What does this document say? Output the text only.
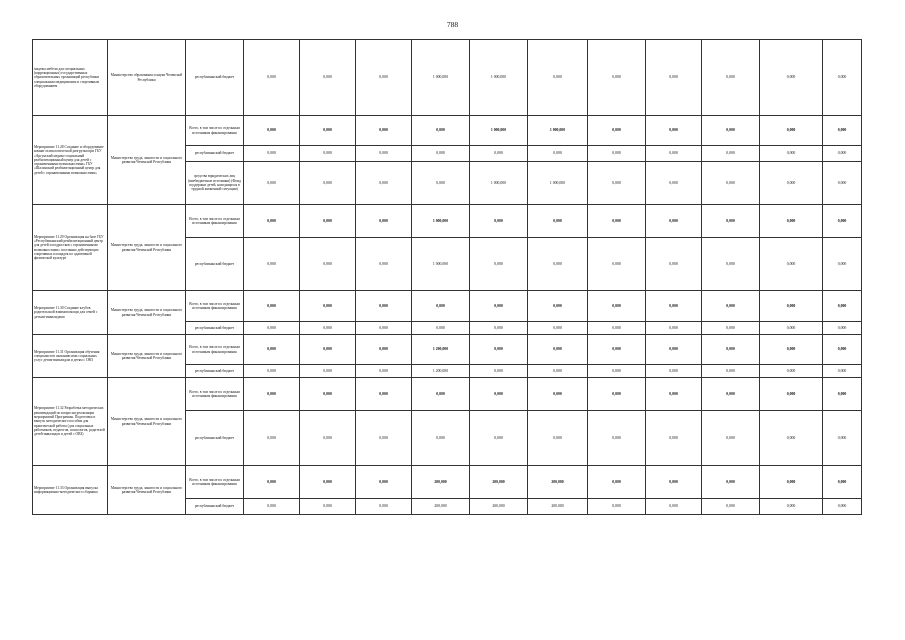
788
закупка мебели для специальных (коррекционных) государственных образовательных организаций республики специальным медицинским и спортивным оборудованием	Министерство образования и науки Чеченской Республики	республиканский бюджет	0,000	0,000	0,000	1 000,000	1 000,000	0,000	0,000	0,000	0,000	0,000	0,000
Мероприятие 11.28 Создание и оборудование комнат психологической разгрузки при ГБУ «Аргунский медико-социальный реабилитационный центр для детей с ограниченными возможностями» ГБУ «Шалинский реабилитационный центр для детей с ограниченными возможностями»	Министерство труда, занятости и социального развития Чеченской Республики	Всего, в том числе по отдельным источникам финансирования	0,000	0,000	0,000	0,000	1 000,000	1 000,000	0,000	0,000	0,000	0,000	0,000
		республиканский бюджет	0,000	0,000	0,000	0,000	0,000	0,000	0,000	0,000	0,000	0,000	0,000
		средства юридических лиц (внебюджетные источники) (Фонд поддержки детей, находящихся в трудной жизненной ситуации)	0,000	0,000	0,000	0,000	1 000,000	1 000,000	0,000	0,000	0,000	0,000	0,000
Мероприятие 11.29 Организация на базе ГБУ «Республиканский реабилитационный центр для детей и подростков с ограниченными возможностями» постоянно действующих спортивных площадок по адаптивной физической культуре	Министерство труда, занятости и социального развития Чеченской Республики	Всего, в том числе по отдельным источникам финансирования	0,000	0,000	0,000	1 000,000	0,000	0,000	0,000	0,000	0,000	0,000	0,000
		республиканский бюджет	0,000	0,000	0,000	1 000,000	0,000	0,000	0,000	0,000	0,000	0,000	0,000
Мероприятие 11.30 Создание клубов родительской взаимопомощи для семей с детьми-инвалидами	Министерство труда, занятости и социального развития Чеченской Республики	Всего, в том числе по отдельным источникам финансирования	0,000	0,000	0,000	0,000	0,000	0,000	0,000	0,000	0,000	0,000	0,000
		республиканский бюджет	0,000	0,000	0,000	0,000	0,000	0,000	0,000	0,000	0,000	0,000	0,000
Мероприятие 11.31 Организация обучения специалистов оказанию ими социальных услуг детям-инвалидам и детям с ОВЗ	Министерство труда, занятости и социального развития Чеченской Республики	Всего, в том числе по отдельным источникам финансирования	0,000	0,000	0,000	1 200,000	0,000	0,000	0,000	0,000	0,000	0,000	0,000
		республиканский бюджет	0,000	0,000	0,000	1 200,000	0,000	0,000	0,000	0,000	0,000	0,000	0,000
Мероприятие 11.32 Разработка методических рекомендаций по вопросам реализации мероприятий Программы. Подготовка и выпуск методического пособия для практической работы (для социальных работников, педагогов, психологов, родителей детей-инвалидов и детей с ОВЗ)	Министерство труда, занятости и социального развития Чеченской Республики	Всего, в том числе по отдельным источникам финансирования	0,000	0,000	0,000	0,000	0,000	0,000	0,000	0,000	0,000	0,000	0,000
		республиканский бюджет	0,000	0,000	0,000	0,000	0,000	0,000	0,000	0,000	0,000	0,000	0,000
Мероприятие 11.33 Организация выпуска информационно-методического сборника	Министерство труда, занятости и социального развития Чеченской Республики	Всего, в том числе по отдельным источникам финансирования	0,000	0,000	0,000	200,000	200,000	200,000	0,000	0,000	0,000	0,000	0,000
		республиканский бюджет	0,000	0,000	0,000	200,000	200,000	200,000	0,000	0,000	0,000	0,000	0,000
